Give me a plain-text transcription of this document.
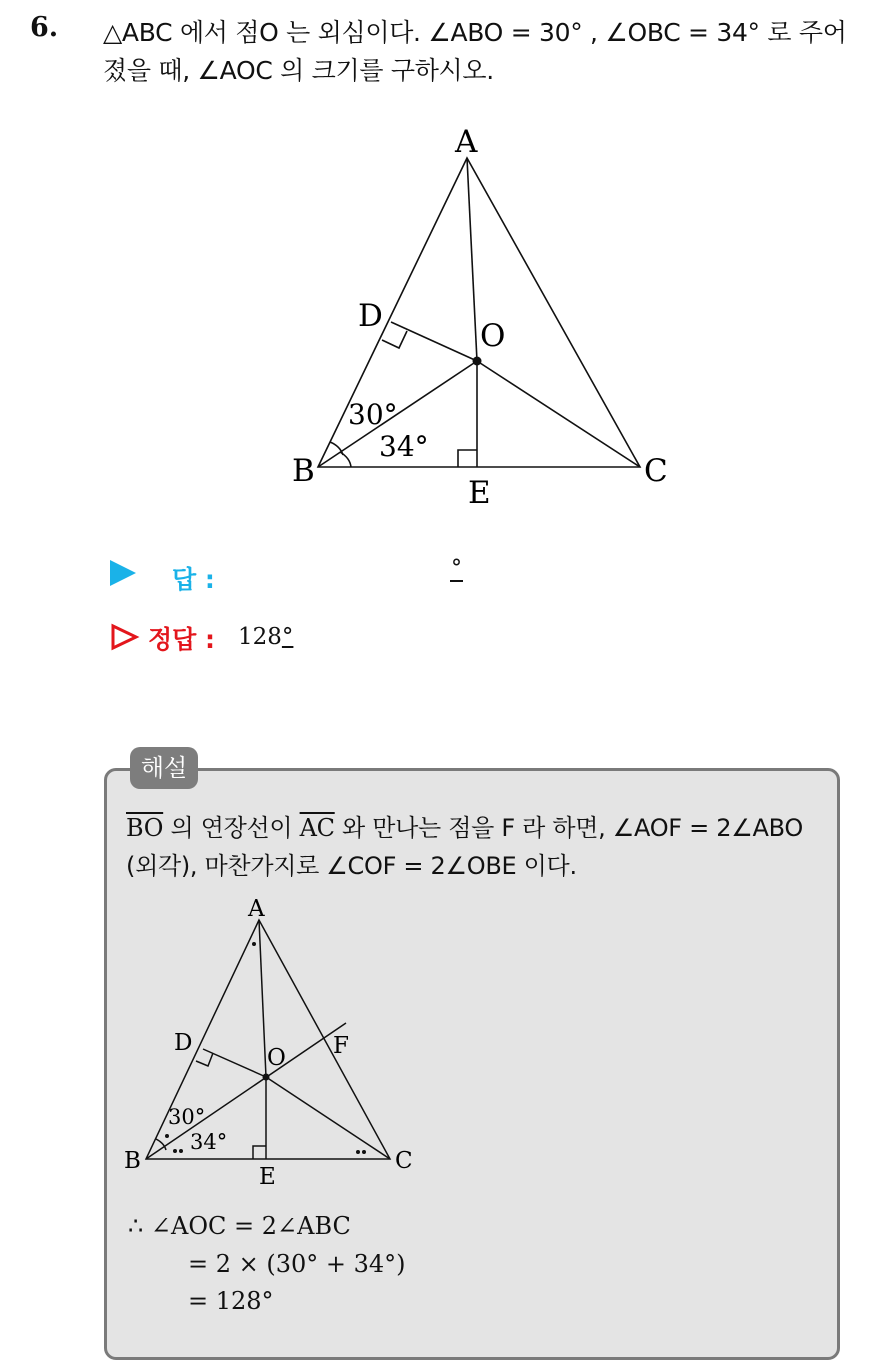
6. △ABC 에서 점O 는 외심이다. ∠ABO = 30° , ∠OBC = 34° 로 주어
졌을 때, ∠AOC 의 크기를 구하시오.
A
B	C
D
E
O
30°
34°
답 :	°
정답 : 128°
해설
$\overline{BO}$ 의 연장선이 $\overline{AC}$ 와 만나는 점을 F 라 하면, ∠AOF = 2∠ABO
(외각), 마찬가지로 ∠COF = 2∠OBE 이다.
A
B	C
D
E
O F
30°
34°
∴ ∠AOC = 2∠ABC
= 2 × (30° + 34°)
= 128°
